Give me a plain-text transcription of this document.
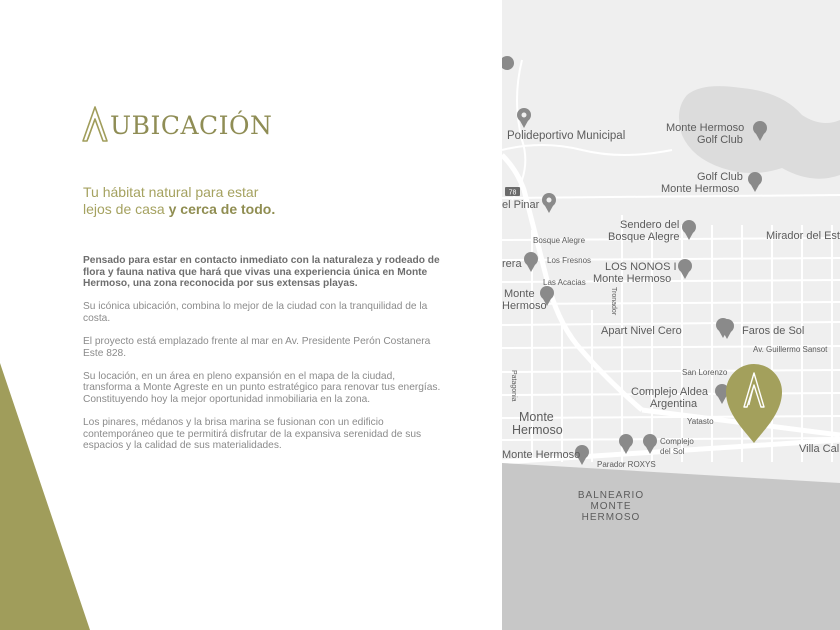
UBICACIÓN
Tu hábitat natural para estar
lejos de casa y cerca de todo.

Pensado para estar en contacto inmediato con la naturaleza y rodeado de flora y fauna nativa que hará que vivas una experiencia única en Monte Hermoso, una zona reconocida por sus extensas playas.

Su icónica ubicación, combina lo mejor de la ciudad con la tranquilidad de la costa.

El proyecto está emplazado frente al mar en Av. Presidente Perón Costanera Este 828.

Su locación, en un área en pleno expansión en el mapa de la ciudad, transforma a Monte Agreste en un punto estratégico para renovar tus energías. Constituyendo hoy la mejor oportunidad inmobiliaria en la zona.

Los pinares, médanos y la brisa marina se fusionan con un edificio contemporáneo que te permitirá disfrutar de la expansiva serenidad de sus espacios y la calidad de sus materialidades.

78
Polideportivo Municipal
Monte Hermoso
Golf Club
Golf Club
Monte Hermoso
el Pinar
Sendero del
Bosque Alegre	Mirador del Est
Bosque Alegre
rera	Los Fresnos
LOS NONOS I
Monte Hermoso
Las Acacias
Monte
Hermoso	Tronador
Apart Nivel Cero	Faros de Sol
Av. Guillermo Sansot
San Lorenzo
Patagonia	Complejo Aldea
Argentina
Yatasto
Monte
Hermoso
Complejo
del Sol	Villa Cal
Monte Hermoso
Parador ROXYS
BALNEARIO
MONTE
HERMOSO
